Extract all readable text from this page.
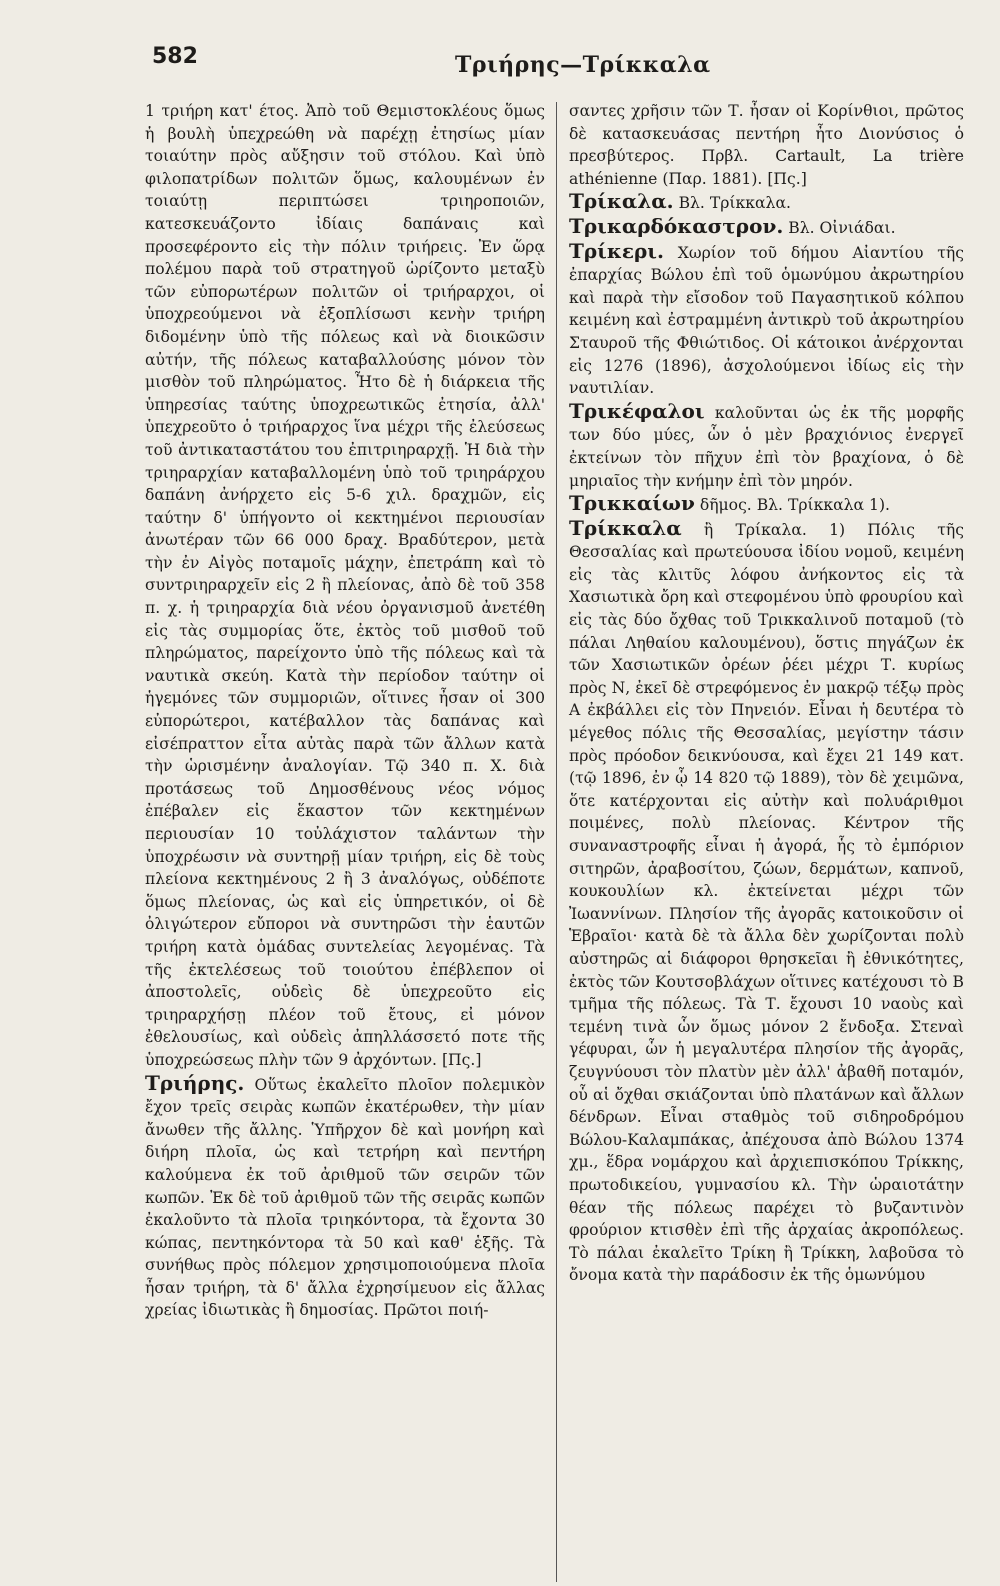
582	Τριήρης—Τρίκκαλα

1 τριήρη κατ' έτος. Ἀπὸ τοῦ Θεμιστοκλέους ὅμως ἡ βουλὴ ὑπεχρεώθη νὰ παρέχῃ ἐτησίως μίαν τοιαύτην πρὸς αὔξησιν τοῦ στόλου. Καὶ ὑπὸ φιλοπατρίδων πολιτῶν ὅμως, καλουμένων ἐν τοιαύτῃ περιπτώσει τριηροποιῶν, κατεσκευάζοντο ἰδίαις δαπάναις καὶ προσεφέροντο εἰς τὴν πόλιν τριήρεις. Ἐν ὥρᾳ πολέμου παρὰ τοῦ στρατηγοῦ ὡρίζοντο μεταξὺ τῶν εὐπορωτέρων πολιτῶν οἱ τριήραρχοι, οἱ ὑποχρεούμενοι νὰ ἐξοπλίσωσι κενὴν τριήρη διδομένην ὑπὸ τῆς πόλεως καὶ νὰ διοικῶσιν αὐτήν, τῆς πόλεως καταβαλλούσης μόνον τὸν μισθὸν τοῦ πληρώματος. Ἦτο δὲ ἡ διάρκεια τῆς ὑπηρεσίας ταύτης ὑποχρεωτικῶς ἐτησία, ἀλλ' ὑπεχρεοῦτο ὁ τριήραρχος ἵνα μέχρι τῆς ἐλεύσεως τοῦ ἀντικαταστάτου του ἐπιτριηραρχῇ. Ἡ διὰ τὴν τριηραρχίαν καταβαλλομένη ὑπὸ τοῦ τριηράρχου δαπάνη ἀνήρχετο εἰς 5-6 χιλ. δραχμῶν, εἰς ταύτην δ' ὑπήγοντο οἱ κεκτημένοι περιουσίαν ἀνωτέραν τῶν 66 000 δραχ. Βραδύτερον, μετὰ τὴν ἐν Αἰγὸς ποταμοῖς μάχην, ἐπετράπη καὶ τὸ συντριηραρχεῖν εἰς 2 ἢ πλείονας, ἀπὸ δὲ τοῦ 358 π. χ. ἡ τριηραρχία διὰ νέου ὀργανισμοῦ ἀνετέθη εἰς τὰς συμμορίας ὅτε, ἐκτὸς τοῦ μισθοῦ τοῦ πληρώματος, παρείχοντο ὑπὸ τῆς πόλεως καὶ τὰ ναυτικὰ σκεύη. Κατὰ τὴν περίοδον ταύτην οἱ ἡγεμόνες τῶν συμμοριῶν, οἵτινες ἦσαν οἱ 300 εὐπορώτεροι, κατέβαλλον τὰς δαπάνας καὶ εἰσέπραττον εἶτα αὐτὰς παρὰ τῶν ἄλλων κατὰ τὴν ὡρισμένην ἀναλογίαν. Τῷ 340 π. Χ. διὰ προτάσεως τοῦ Δημοσθένους νέος νόμος ἐπέβαλεν εἰς ἕκαστον τῶν κεκτημένων περιουσίαν 10 τοὐλάχιστον ταλάντων τὴν ὑποχρέωσιν νὰ συντηρῇ μίαν τριήρη, εἰς δὲ τοὺς πλείονα κεκτημένους 2 ἢ 3 ἀναλόγως, οὐδέποτε ὅμως πλείονας, ὡς καὶ εἰς ὑπηρετικόν, οἱ δὲ ὀλιγώτερον εὔποροι νὰ συντηρῶσι τὴν ἑαυτῶν τριήρη κατὰ ὁμάδας συντελείας λεγομένας. Τὰ τῆς ἐκτελέσεως τοῦ τοιούτου ἐπέβλεπον οἱ ἀποστολεῖς, οὐδεὶς δὲ ὑπεχρεοῦτο εἰς τριηραρχήσῃ πλέον τοῦ ἔτους, εἰ μόνον ἐθελουσίως, καὶ οὐδεὶς ἀπηλλάσσετό ποτε τῆς ὑποχρεώσεως πλὴν τῶν 9 ἀρχόντων. [Πς.]

Τριήρης. Οὕτως ἐκαλεῖτο πλοῖον πολεμικὸν ἔχον τρεῖς σειρὰς κωπῶν ἑκατέρωθεν, τὴν μίαν ἄνωθεν τῆς ἄλλης. Ὑπῆρχον δὲ καὶ μονήρη καὶ διήρη πλοῖα, ὡς καὶ τετρήρη καὶ πεντήρη καλούμενα ἐκ τοῦ ἀριθμοῦ τῶν σειρῶν τῶν κωπῶν. Ἐκ δὲ τοῦ ἀριθμοῦ τῶν τῆς σειρᾶς κωπῶν ἐκαλοῦντο τὰ πλοῖα τριηκόντορα, τὰ ἔχοντα 30 κώπας, πεντηκόντορα τὰ 50 καὶ καθ' ἑξῆς. Τὰ συνήθως πρὸς πόλεμον χρησιμοποιούμενα πλοῖα ἦσαν τριήρη, τὰ δ' ἄλλα ἐχρησίμευον εἰς ἄλλας χρείας ἰδιωτικὰς ἢ δημοσίας. Πρῶτοι ποιή-

σαντες χρῆσιν τῶν Τ. ἦσαν οἱ Κορίνθιοι, πρῶτος δὲ κατασκευάσας πεντήρη ἦτο Διονύσιος ὁ πρεσβύτερος. Πρβλ. Cartault, La trière athénienne (Παρ. 1881). [Πς.]

Τρίκαλα. Βλ. Τρίκκαλα.

Τρικαρδόκαστρον. Βλ. Οἰνιάδαι.

Τρίκερι. Χωρίον τοῦ δήμου Αἰαντίου τῆς ἐπαρχίας Βώλου ἐπὶ τοῦ ὁμωνύμου ἀκρωτηρίου καὶ παρὰ τὴν εἴσοδον τοῦ Παγασητικοῦ κόλπου κειμένη καὶ ἐστραμμένη ἀντικρὺ τοῦ ἀκρωτηρίου Σταυροῦ τῆς Φθιώτιδος. Οἱ κάτοικοι ἀνέρχονται εἰς 1276 (1896), ἀσχολούμενοι ἰδίως εἰς τὴν ναυτιλίαν.

Τρικέφαλοι καλοῦνται ὡς ἐκ τῆς μορφῆς των δύο μύες, ὧν ὁ μὲν βραχιόνιος ἐνεργεῖ ἐκτείνων τὸν πῆχυν ἐπὶ τὸν βραχίονα, ὁ δὲ μηριαῖος τὴν κνήμην ἐπὶ τὸν μηρόν.

Τρικκαίων δῆμος. Βλ. Τρίκκαλα 1).

Τρίκκαλα ἢ Τρίκαλα. 1) Πόλις τῆς Θεσσαλίας καὶ πρωτεύουσα ἰδίου νομοῦ, κειμένη εἰς τὰς κλιτῦς λόφου ἀνήκοντος εἰς τὰ Χασιωτικὰ ὄρη καὶ στεφομένου ὑπὸ φρουρίου καὶ εἰς τὰς δύο ὄχθας τοῦ Τρικκαλινοῦ ποταμοῦ (τὸ πάλαι Ληθαίου καλουμένου), ὅστις πηγάζων ἐκ τῶν Χασιωτικῶν ὀρέων ῥέει μέχρι Τ. κυρίως πρὸς Ν, ἐκεῖ δὲ στρεφόμενος ἐν μακρῷ τέξῳ πρὸς Α ἐκβάλλει εἰς τὸν Πηνειόν. Εἶναι ἡ δευτέρα τὸ μέγεθος πόλις τῆς Θεσσαλίας, μεγίστην τάσιν πρὸς πρόοδον δεικνύουσα, καὶ ἔχει 21 149 κατ. (τῷ 1896, ἐν ᾧ 14 820 τῷ 1889), τὸν δὲ χειμῶνα, ὅτε κατέρχονται εἰς αὐτὴν καὶ πολυάριθμοι ποιμένες, πολὺ πλείονας. Κέντρον τῆς συναναστροφῆς εἶναι ἡ ἀγορά, ἧς τὸ ἐμπόριον σιτηρῶν, ἀραβοσίτου, ζώων, δερμάτων, καπνοῦ, κουκουλίων κλ. ἐκτείνεται μέχρι τῶν Ἰωαννίνων. Πλησίον τῆς ἀγορᾶς κατοικοῦσιν οἱ Ἑβραῖοι· κατὰ δὲ τὰ ἄλλα δὲν χωρίζονται πολὺ αὐστηρῶς αἱ διάφοροι θρησκεῖαι ἢ ἐθνικότητες, ἐκτὸς τῶν Κουτσοβλάχων οἵτινες κατέχουσι τὸ Β τμῆμα τῆς πόλεως. Τὰ Τ. ἔχουσι 10 ναοὺς καὶ τεμένη τινὰ ὧν ὅμως μόνον 2 ἔνδοξα. Στεναὶ γέφυραι, ὧν ἡ μεγαλυτέρα πλησίον τῆς ἀγορᾶς, ζευγνύουσι τὸν πλατὺν μὲν ἀλλ' ἀβαθῆ ποταμόν, οὗ αἱ ὄχθαι σκιάζονται ὑπὸ πλατάνων καὶ ἄλλων δένδρων. Εἶναι σταθμὸς τοῦ σιδηροδρόμου Βώλου-Καλαμπάκας, ἀπέχουσα ἀπὸ Βώλου 1374 χμ., ἕδρα νομάρχου καὶ ἀρχιεπισκόπου Τρίκκης, πρωτοδικείου, γυμνασίου κλ. Τὴν ὡραιοτάτην θέαν τῆς πόλεως παρέχει τὸ βυζαντινὸν φρούριον κτισθὲν ἐπὶ τῆς ἀρχαίας ἀκροπόλεως. Τὸ πάλαι ἐκαλεῖτο Τρίκη ἢ Τρίκκη, λαβοῦσα τὸ ὄνομα κατὰ τὴν παράδοσιν ἐκ τῆς ὁμωνύμου
